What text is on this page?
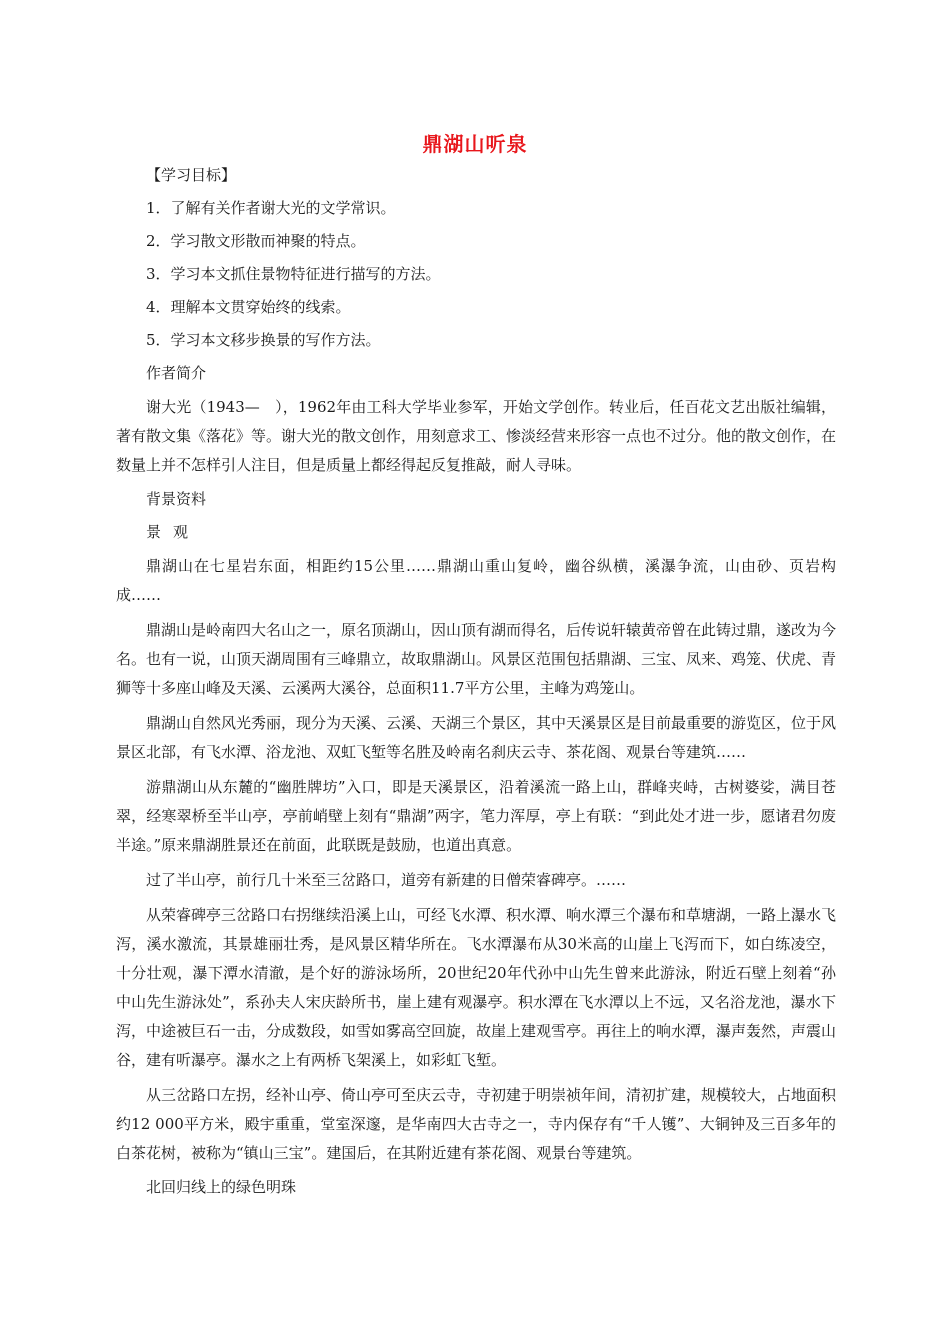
鼎湖山听泉
【学习目标】
1．了解有关作者谢大光的文学常识。
2．学习散文形散而神聚的特点。
3．学习本文抓住景物特征进行描写的方法。
4．理解本文贯穿始终的线索。
5．学习本文移步换景的写作方法。
作者简介
谢大光（1943—　），1962年由工科大学毕业参军，开始文学创作。转业后，任百花文艺出版社编辑，著有散文集《落花》等。谢大光的散文创作，用刻意求工、惨淡经营来形容一点也不过分。他的散文创作，在数量上并不怎样引人注目，但是质量上都经得起反复推敲，耐人寻味。
背景资料
景观
鼎湖山在七星岩东面，相距约15公里……鼎湖山重山复岭，幽谷纵横，溪瀑争流，山由砂、页岩构成……
鼎湖山是岭南四大名山之一，原名顶湖山，因山顶有湖而得名，后传说轩辕黄帝曾在此铸过鼎，遂改为今名。也有一说，山顶天湖周围有三峰鼎立，故取鼎湖山。风景区范围包括鼎湖、三宝、凤来、鸡笼、伏虎、青狮等十多座山峰及天溪、云溪两大溪谷，总面积11.7平方公里，主峰为鸡笼山。
鼎湖山自然风光秀丽，现分为天溪、云溪、天湖三个景区，其中天溪景区是目前最重要的游览区，位于风景区北部，有飞水潭、浴龙池、双虹飞堑等名胜及岭南名刹庆云寺、茶花阁、观景台等建筑……
游鼎湖山从东麓的“幽胜牌坊”入口，即是天溪景区，沿着溪流一路上山，群峰夹峙，古树婆娑，满目苍翠，经寒翠桥至半山亭，亭前峭壁上刻有“鼎湖”两字，笔力浑厚，亭上有联：“到此处才进一步，愿诸君勿废半途。”原来鼎湖胜景还在前面，此联既是鼓励，也道出真意。
过了半山亭，前行几十米至三岔路口，道旁有新建的日僧荣睿碑亭。……
从荣睿碑亭三岔路口右拐继续沿溪上山，可经飞水潭、积水潭、响水潭三个瀑布和草塘湖，一路上瀑水飞泻，溪水激流，其景雄丽壮秀，是风景区精华所在。飞水潭瀑布从30米高的山崖上飞泻而下，如白练凌空，十分壮观，瀑下潭水清澈，是个好的游泳场所，20世纪20年代孙中山先生曾来此游泳，附近石壁上刻着“孙中山先生游泳处”，系孙夫人宋庆龄所书，崖上建有观瀑亭。积水潭在飞水潭以上不远，又名浴龙池，瀑水下泻，中途被巨石一击，分成数段，如雪如雾高空回旋，故崖上建观雪亭。再往上的响水潭，瀑声轰然，声震山谷，建有听瀑亭。瀑水之上有两桥飞架溪上，如彩虹飞堑。
从三岔路口左拐，经补山亭、倚山亭可至庆云寺，寺初建于明崇祯年间，清初扩建，规模较大，占地面积约12 000平方米，殿宇重重，堂室深邃，是华南四大古寺之一，寺内保存有“千人镬”、大铜钟及三百多年的白茶花树，被称为“镇山三宝”。建国后，在其附近建有茶花阁、观景台等建筑。
北回归线上的绿色明珠
